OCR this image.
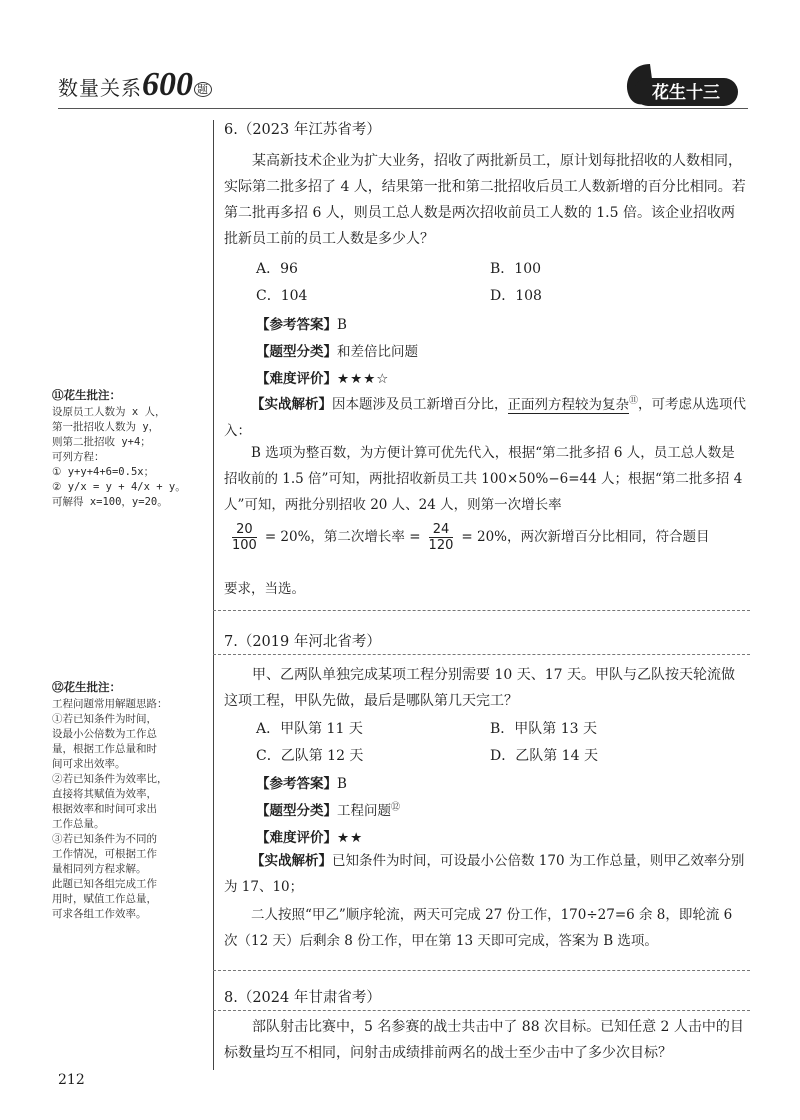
数量关系600 题	花生十三
⑪花生批注：

设原员工人数为 x 人，

第一批招收人数为 y，

则第二批招收 y+4；

可列方程：

① y+y+4+6=0.5x；

② y/x = y + 4/x + y。

可解得 x=100，y=20。

⑫花生批注：

工程问题常用解题思路：

①若已知条件为时间，

设最小公倍数为工作总

量，根据工作总量和时

间可求出效率。

②若已知条件为效率比，

直接将其赋值为效率，

根据效率和时间可求出

工作总量。

③若已知条件为不同的

工作情况，可根据工作

量相同列方程求解。

此题已知各组完成工作

用时，赋值工作总量，

可求各组工作效率。

6.（2023 年江苏省考）

某高新技术企业为扩大业务，招收了两批新员工，原计划每批招收的人数相同，实际第二批多招了 4 人，结果第一批和第二批招收后员工人数新增的百分比相同。若第二批再多招 6 人，则员工总人数是两次招收前员工人数的 1.5 倍。该企业招收两批新员工前的员工人数是多少人？

A．96	B．100
C．104	D．108
【参考答案】B
【题型分类】和差倍比问题
【难度评价】★★★☆

【实战解析】因本题涉及员工新增百分比，正面列方程较为复杂⑪，可考虑从选项代入：

B 选项为整百数，为方便计算可优先代入，根据“第二批多招 6 人，员工总人数是招收前的 1.5 倍”可知，两批招收新员工共 100×50%−6=44 人；根据“第二批多招 4 人”可知，两批分别招收 20 人、24 人，则第一次增长率

$\frac{20}{100} = 20\%$，第二次增长率 = $\frac{24}{120} = 20\%$，两次新增百分比相同，符合题目
要求，当选。
7.（2019 年河北省考）

甲、乙两队单独完成某项工程分别需要 10 天、17 天。甲队与乙队按天轮流做这项工程，甲队先做，最后是哪队第几天完工？

A．甲队第 11 天	B．甲队第 13 天
C．乙队第 12 天	D．乙队第 14 天
【参考答案】B
【题型分类】工程问题⑫
【难度评价】★★

【实战解析】已知条件为时间，可设最小公倍数 170 为工作总量，则甲乙效率分别为 17、10；

二人按照“甲乙”顺序轮流，两天可完成 27 份工作，170÷27=6 余 8，即轮流 6 次（12 天）后剩余 8 份工作，甲在第 13 天即可完成，答案为 B 选项。

8.（2024 年甘肃省考）

部队射击比赛中，5 名参赛的战士共击中了 88 次目标。已知任意 2 人击中的目标数量均互不相同，问射击成绩排前两名的战士至少击中了多少次目标？

212
